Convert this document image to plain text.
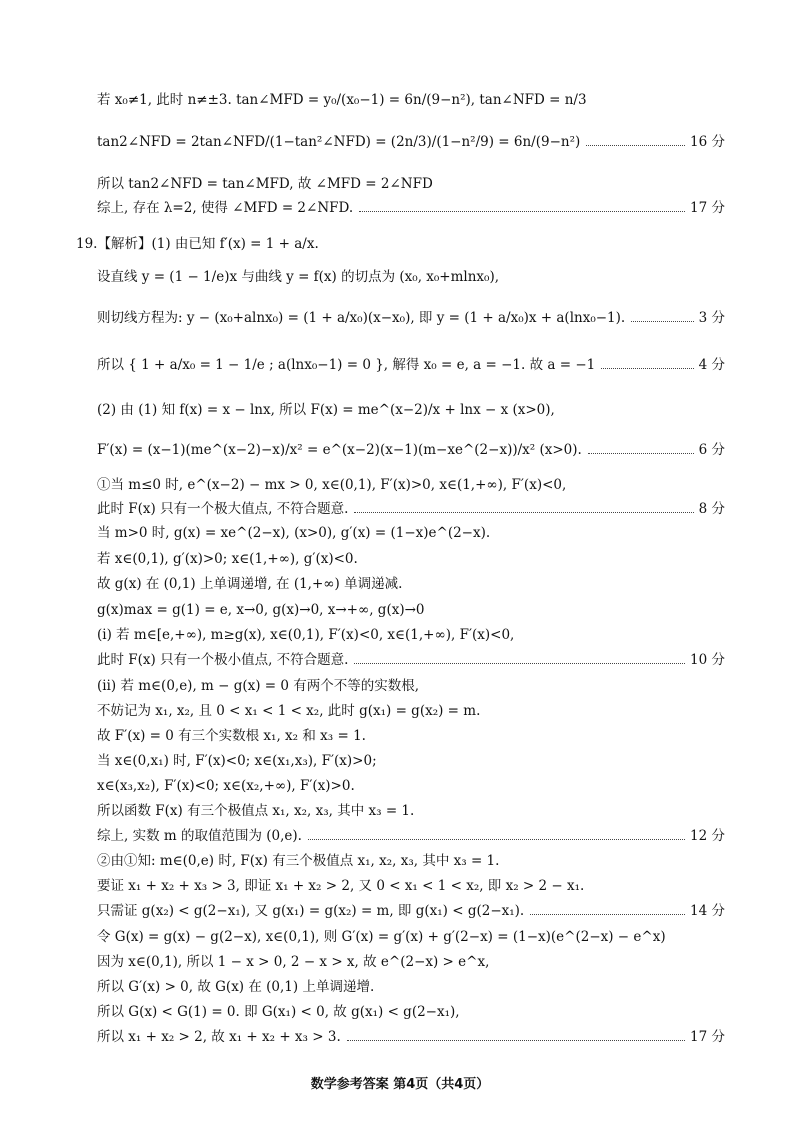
若 x₀≠1, 此时 n≠±3. tan∠MFD = y₀/(x₀−1) = 6n/(9−n²), tan∠NFD = n/3
tan2∠NFD = 2tan∠NFD/(1−tan²∠NFD) = (2n/3)/(1−n²/9) = 6n/(9−n²)	16 分
所以 tan2∠NFD = tan∠MFD, 故 ∠MFD = 2∠NFD
综上, 存在 λ=2, 使得 ∠MFD = 2∠NFD.	17 分
19.【解析】(1) 由已知 f′(x) = 1 + a/x.
设直线 y = (1 − 1/e)x 与曲线 y = f(x) 的切点为 (x₀, x₀+mlnx₀),
则切线方程为: y − (x₀+alnx₀) = (1 + a/x₀)(x−x₀), 即 y = (1 + a/x₀)x + a(lnx₀−1).	3 分
所以 { 1 + a/x₀ = 1 − 1/e ; a(lnx₀−1) = 0 }, 解得 x₀ = e, a = −1. 故 a = −1	4 分
(2) 由 (1) 知 f(x) = x − lnx, 所以 F(x) = me^(x−2)/x + lnx − x (x>0),
F′(x) = (x−1)(me^(x−2)−x)/x² = e^(x−2)(x−1)(m−xe^(2−x))/x² (x>0).	6 分
①当 m≤0 时, e^(x−2) − mx > 0, x∈(0,1), F′(x)>0, x∈(1,+∞), F′(x)<0,
此时 F(x) 只有一个极大值点, 不符合题意.	8 分
当 m>0 时, g(x) = xe^(2−x), (x>0), g′(x) = (1−x)e^(2−x).
若 x∈(0,1), g′(x)>0; x∈(1,+∞), g′(x)<0.
故 g(x) 在 (0,1) 上单调递增, 在 (1,+∞) 单调递减.
g(x)max = g(1) = e, x→0, g(x)→0, x→+∞, g(x)→0
(ⅰ) 若 m∈[e,+∞), m≥g(x), x∈(0,1), F′(x)<0, x∈(1,+∞), F′(x)<0,
此时 F(x) 只有一个极小值点, 不符合题意.	10 分
(ⅱ) 若 m∈(0,e), m − g(x) = 0 有两个不等的实数根,
不妨记为 x₁, x₂, 且 0 < x₁ < 1 < x₂, 此时 g(x₁) = g(x₂) = m.
故 F′(x) = 0 有三个实数根 x₁, x₂ 和 x₃ = 1.
当 x∈(0,x₁) 时, F′(x)<0; x∈(x₁,x₃), F′(x)>0;
x∈(x₃,x₂), F′(x)<0; x∈(x₂,+∞), F′(x)>0.
所以函数 F(x) 有三个极值点 x₁, x₂, x₃, 其中 x₃ = 1.
综上, 实数 m 的取值范围为 (0,e).	12 分
②由①知: m∈(0,e) 时, F(x) 有三个极值点 x₁, x₂, x₃, 其中 x₃ = 1.
要证 x₁ + x₂ + x₃ > 3, 即证 x₁ + x₂ > 2, 又 0 < x₁ < 1 < x₂, 即 x₂ > 2 − x₁.
只需证 g(x₂) < g(2−x₁), 又 g(x₁) = g(x₂) = m, 即 g(x₁) < g(2−x₁).	14 分
令 G(x) = g(x) − g(2−x), x∈(0,1), 则 G′(x) = g′(x) + g′(2−x) = (1−x)(e^(2−x) − e^x)
因为 x∈(0,1), 所以 1 − x > 0, 2 − x > x, 故 e^(2−x) > e^x,
所以 G′(x) > 0, 故 G(x) 在 (0,1) 上单调递增.
所以 G(x) < G(1) = 0. 即 G(x₁) < 0, 故 g(x₁) < g(2−x₁),
所以 x₁ + x₂ > 2, 故 x₁ + x₂ + x₃ > 3.	17 分
数学参考答案 第4页（共4页）
